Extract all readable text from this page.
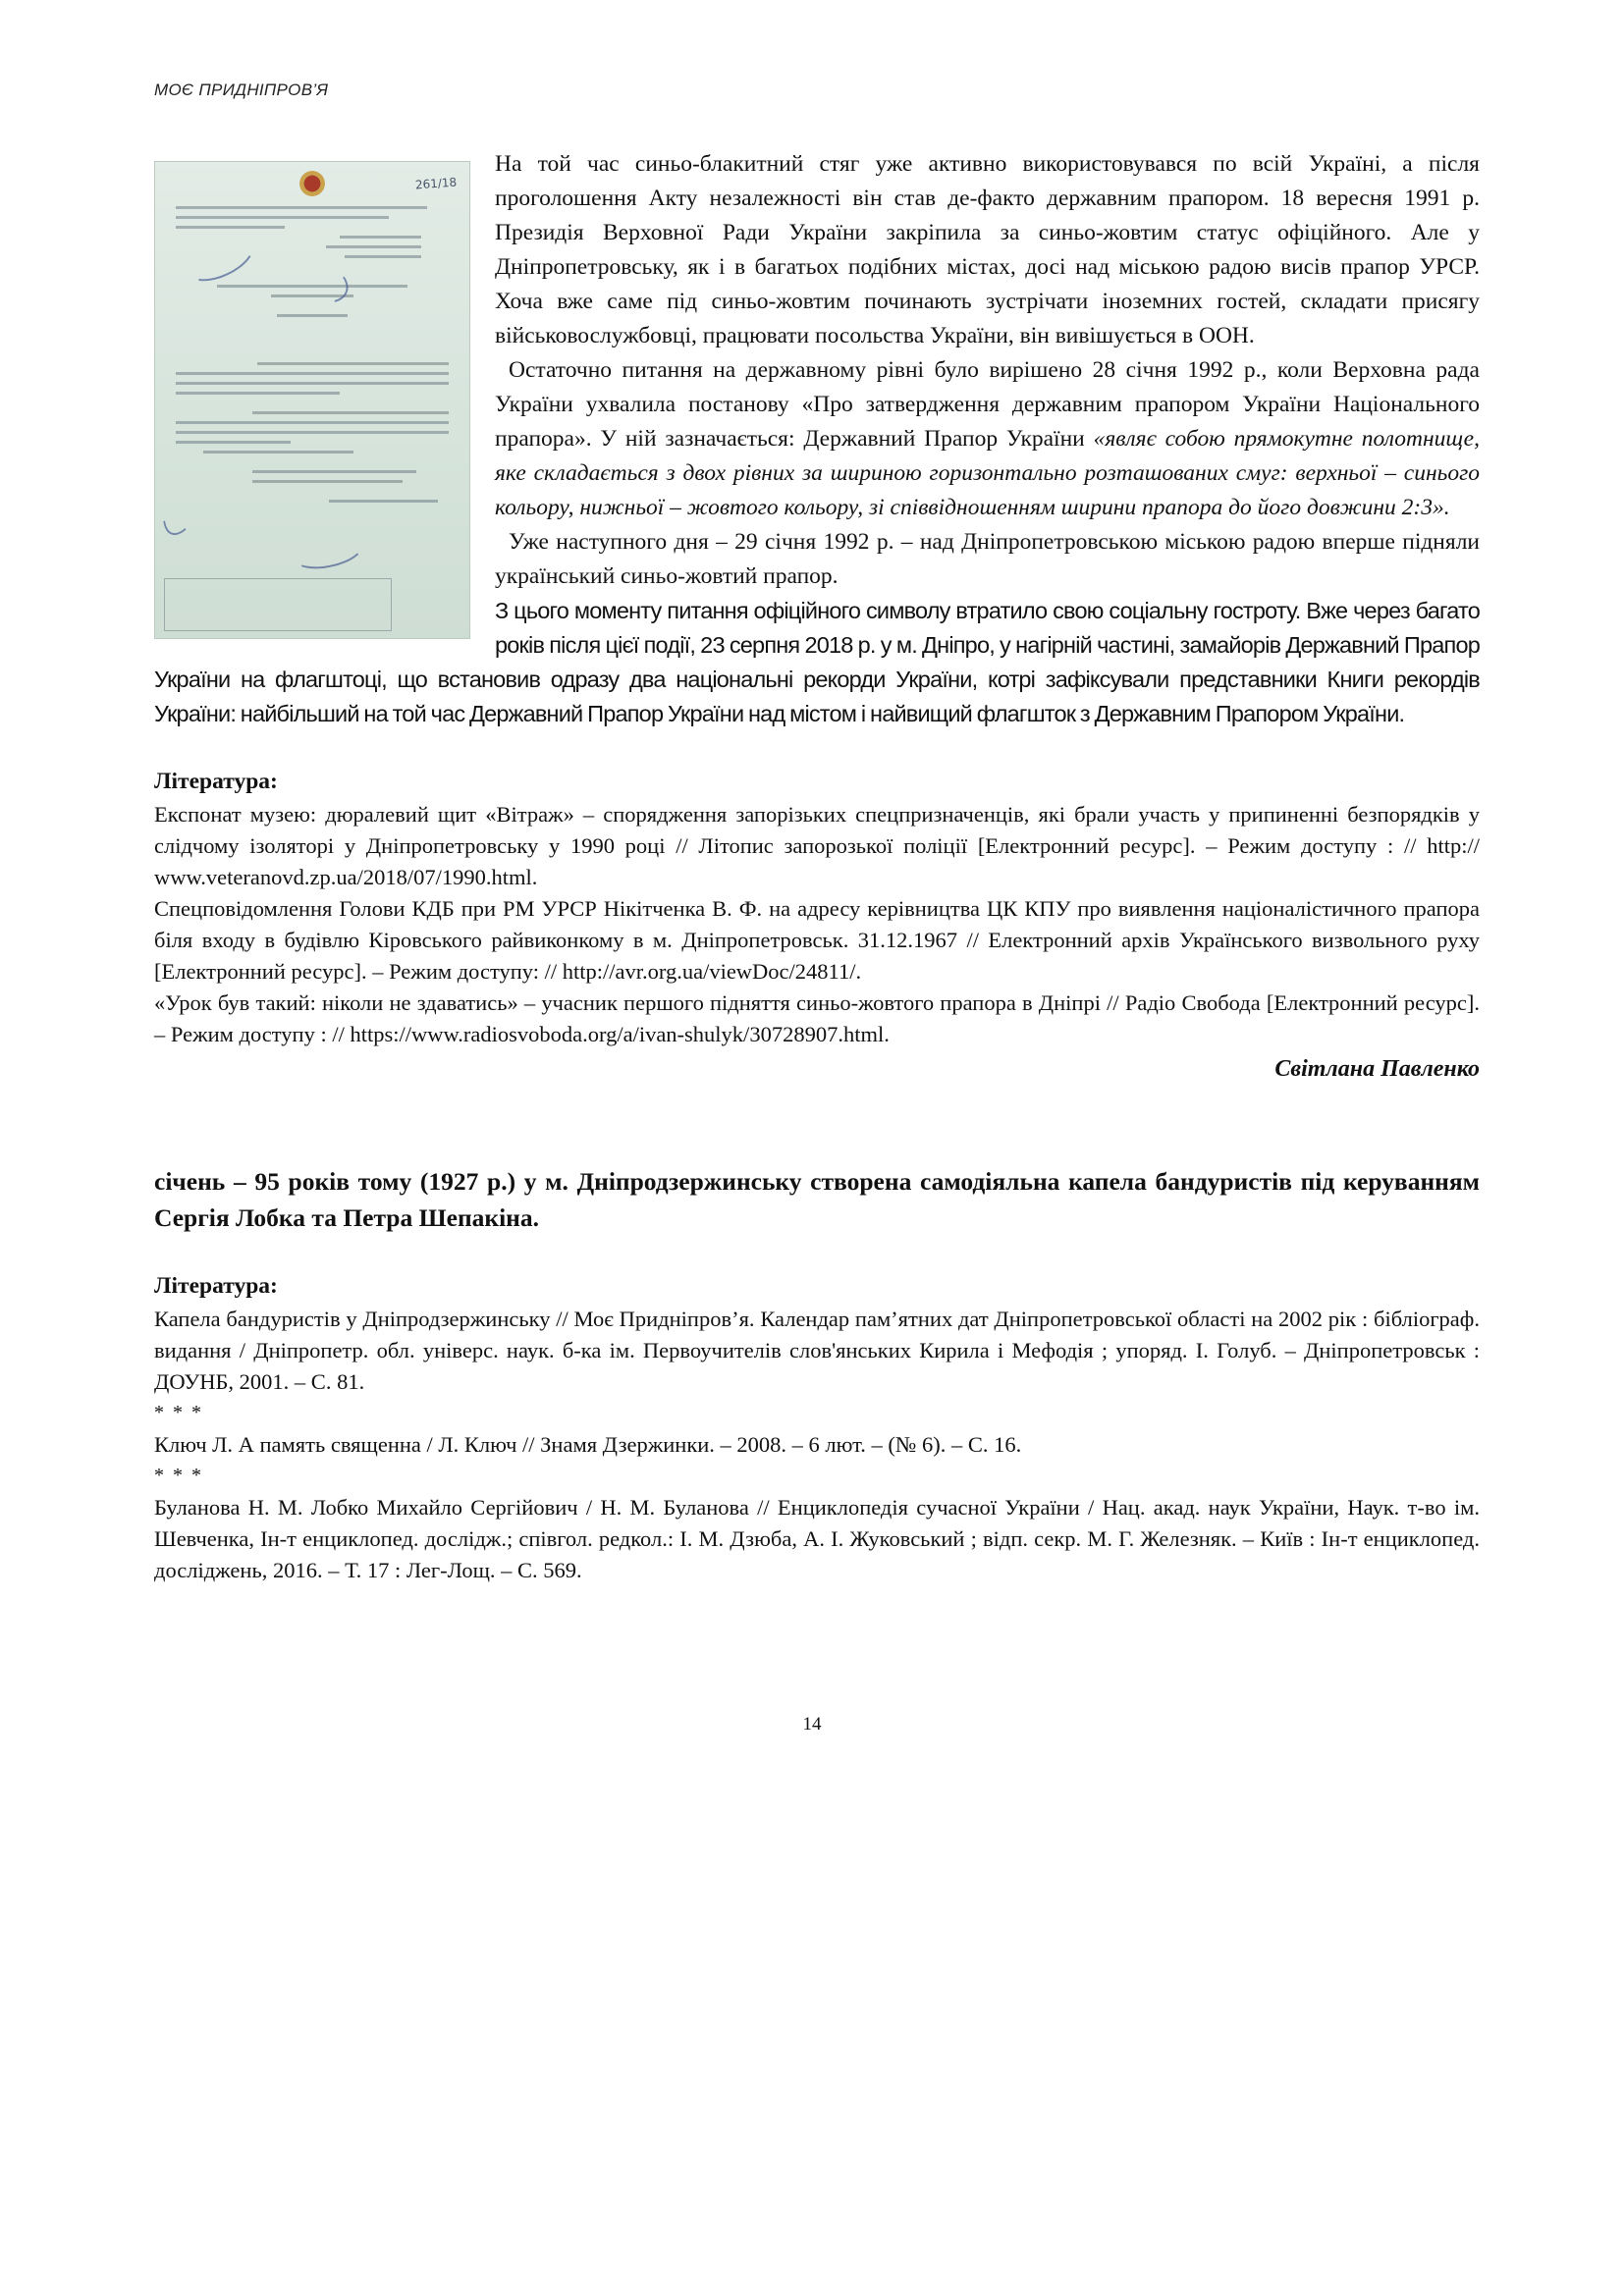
МОЄ ПРИДНІПРОВ’Я
261/18

На той час синьо-блакитний стяг уже активно використовувався по всій Україні, а після проголошення Акту незалежності він став де-факто державним прапором. 18 вересня 1991 р. Президія Верховної Ради України закріпила за синьо-жовтим статус офіційного. Але у Дніпропетровську, як і в багатьох подібних містах, досі над міською радою висів прапор УРСР. Хоча вже саме під синьо-жовтим починають зустрічати іноземних гостей, складати присягу військовослужбовці, працювати посольства України, він вивішується в ООН.

Остаточно питання на державному рівні було вирішено 28 січня 1992 р., коли Верховна рада України ухвалила постанову «Про затвердження державним прапором України Національного прапора». У ній зазначається: Державний Прапор України «являє собою прямокутне полотнище, яке складається з двох рівних за шириною горизонтально розташованих смуг: верхньої – синього кольору, нижньої – жовтого кольору, зі співвідношенням ширини прапора до його довжини 2:3».

Уже наступного дня – 29 січня 1992 р. – над Дніпропетровською міською радою вперше підняли український синьо-жовтий прапор.

З цього моменту питання офіційного символу втратило свою соціальну гостроту. Вже через багато років після цієї події, 23 серпня 2018 р. у м. Дніпро, у нагірній частині, замайорів Державний Прапор України на флагштоці, що встановив одразу два національні рекорди України, котрі зафіксували представники Книги рекордів України: найбільший на той час Державний Прапор України над містом і найвищий флагшток з Державним Прапором України.

Література:

Експонат музею: дюралевий щит «Вітраж» – спорядження запорізьких спецпризначенців, які брали участь у припиненні безпорядків у слідчому ізоляторі у Дніпропетровську у 1990 році // Літопис запорозької поліції [Електронний ресурс]. – Режим доступу : // http:// www.veteranovd.zp.ua/2018/07/1990.html.

Спецповідомлення Голови КДБ при РМ УРСР Нікітченка В. Ф. на адресу керівництва ЦК КПУ про виявлення націоналістичного прапора біля входу в будівлю Кіровського райвиконкому в м. Дніпропетровськ. 31.12.1967 // Електронний архів Українського визвольного руху [Електронний ресурс]. – Режим доступу: // http://avr.org.ua/viewDoc/24811/.

«Урок був такий: ніколи не здаватись» – учасник першого підняття синьо-жовтого прапора в Дніпрі // Радіо Свобода [Електронний ресурс]. – Режим доступу : // https://www.radiosvoboda.org/a/ivan-shulyk/30728907.html.

Світлана Павленко

січень – 95 років тому (1927 р.) у м. Дніпродзержинську створена самодіяльна капела бандуристів під керуванням Сергія Лобка та Петра Шепакіна.

Література:

Капела бандуристів у Дніпродзержинську // Моє Придніпров’я. Календар пам’ятних дат Дніпропетровської області на 2002 рік : бібліограф. видання / Дніпропетр. обл. універс. наук. б-ка ім. Первоучителів слов'янських Кирила і Мефодія ; упоряд. І. Голуб. – Дніпропетровськ : ДОУНБ, 2001. – С. 81.

* * *

Ключ Л. А память священна / Л. Ключ // Знамя Дзержинки. – 2008. – 6 лют. – (№ 6). – С. 16.

* * *

Буланова Н. М. Лобко Михайло Сергійович / Н. М. Буланова // Енциклопедія сучасної України / Нац. акад. наук України, Наук. т-во ім. Шевченка, Ін-т енциклопед. дослідж.; співгол. редкол.: І. М. Дзюба, А. І. Жуковський ; відп. секр. М. Г. Железняк. – Київ : Ін-т енциклопед. досліджень, 2016. – Т. 17 : Лег-Лощ. – С. 569.

14
